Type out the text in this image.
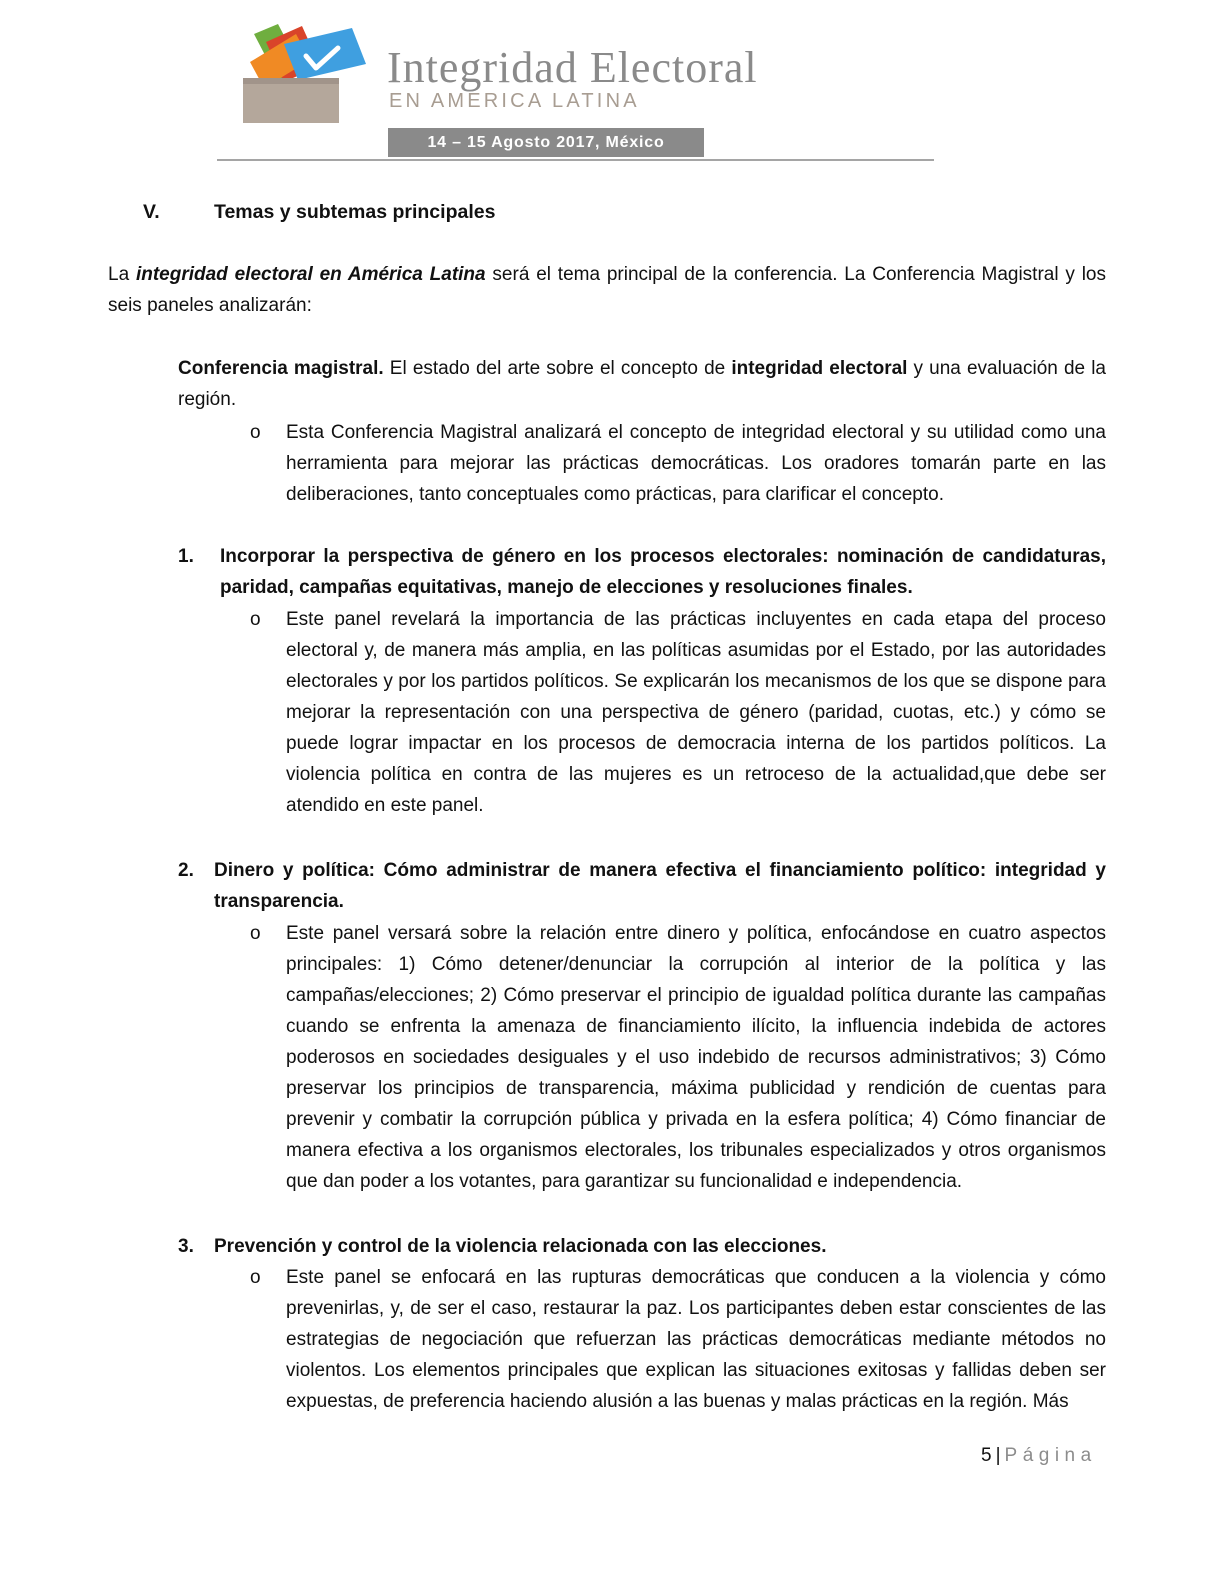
Integridad Electoral
EN AMERICA LATINA
14 – 15 Agosto 2017, México
V.	Temas y subtemas principales

La integridad electoral en América Latina será el tema principal de la conferencia. La Conferencia Magistral y los seis paneles analizarán:

Conferencia magistral. El estado del arte sobre el concepto de integridad electoral y una evaluación de la región.

o Esta Conferencia Magistral analizará el concepto de integridad electoral y su utilidad como una herramienta para mejorar las prácticas democráticas. Los oradores tomarán parte en las deliberaciones, tanto conceptuales como prácticas, para clarificar el concepto.

1. Incorporar la perspectiva de género en los procesos electorales: nominación de candidaturas, paridad, campañas equitativas, manejo de elecciones y resoluciones finales.

o Este panel revelará la importancia de las prácticas incluyentes en cada etapa del proceso electoral y, de manera más amplia, en las políticas asumidas por el Estado, por las autoridades electorales y por los partidos políticos. Se explicarán los mecanismos de los que se dispone para mejorar la representación con una perspectiva de género (paridad, cuotas, etc.) y cómo se puede lograr impactar en los procesos de democracia interna de los partidos políticos. La violencia política en contra de las mujeres es un retroceso de la actualidad,que debe ser atendido en este panel.

2. Dinero y política: Cómo administrar de manera efectiva el financiamiento político: integridad y transparencia.

o Este panel versará sobre la relación entre dinero y política, enfocándose en cuatro aspectos principales: 1) Cómo detener/denunciar la corrupción al interior de la política y las campañas/elecciones; 2) Cómo preservar el principio de igualdad política durante las campañas cuando se enfrenta la amenaza de financiamiento ilícito, la influencia indebida de actores poderosos en sociedades desiguales y el uso indebido de recursos administrativos; 3) Cómo preservar los principios de transparencia, máxima publicidad y rendición de cuentas para prevenir y combatir la corrupción pública y privada en la esfera política; 4) Cómo financiar de manera efectiva a los organismos electorales, los tribunales especializados y otros organismos que dan poder a los votantes, para garantizar su funcionalidad e independencia.

3. Prevención y control de la violencia relacionada con las elecciones.

o Este panel se enfocará en las rupturas democráticas que conducen a la violencia y cómo prevenirlas, y, de ser el caso, restaurar la paz. Los participantes deben estar conscientes de las estrategias de negociación que refuerzan las prácticas democráticas mediante métodos no violentos. Los elementos principales que explican las situaciones exitosas y fallidas deben ser expuestas, de preferencia haciendo alusión a las buenas y malas prácticas en la región. Más

5 | Página
